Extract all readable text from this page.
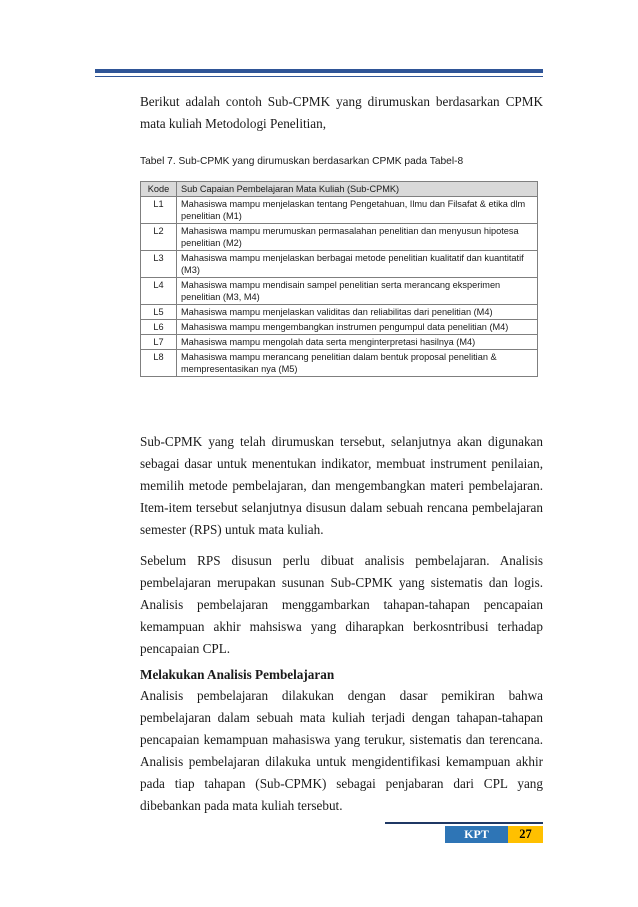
Berikut adalah contoh Sub-CPMK yang dirumuskan berdasarkan CPMK mata kuliah Metodologi Penelitian,

Tabel 7. Sub-CPMK yang dirumuskan berdasarkan CPMK pada Tabel-8

Kode	Sub Capaian Pembelajaran Mata Kuliah (Sub-CPMK)
L1	Mahasiswa mampu menjelaskan tentang Pengetahuan, Ilmu dan Filsafat & etika dlm penelitian (M1)
L2	Mahasiswa mampu merumuskan permasalahan penelitian dan menyusun hipotesa penelitian (M2)
L3	Mahasiswa mampu menjelaskan berbagai metode penelitian kualitatif dan kuantitatif (M3)
L4	Mahasiswa mampu mendisain sampel penelitian serta merancang eksperimen penelitian (M3, M4)
L5	Mahasiswa mampu menjelaskan validitas dan reliabilitas dari penelitian (M4)
L6	Mahasiswa mampu mengembangkan instrumen pengumpul data penelitian (M4)
L7	Mahasiswa mampu mengolah data serta menginterpretasi hasilnya (M4)
L8	Mahasiswa mampu merancang penelitian dalam bentuk proposal penelitian & mempresentasikan nya (M5)

Sub-CPMK yang telah dirumuskan tersebut, selanjutnya akan digunakan sebagai dasar untuk menentukan indikator, membuat instrument penilaian, memilih metode pembelajaran, dan mengembangkan materi pembelajaran. Item-item tersebut selanjutnya disusun dalam sebuah rencana pembelajaran semester (RPS) untuk mata kuliah.

Sebelum RPS disusun perlu dibuat analisis pembelajaran. Analisis pembelajaran merupakan susunan Sub-CPMK yang sistematis dan logis. Analisis pembelajaran menggambarkan tahapan-tahapan pencapaian kemampuan akhir mahsiswa yang diharapkan berkosntribusi terhadap pencapaian CPL.

Melakukan Analisis Pembelajaran

Analisis pembelajaran dilakukan dengan dasar pemikiran bahwa pembelajaran dalam sebuah mata kuliah terjadi dengan tahapan-tahapan pencapaian kemampuan mahasiswa yang terukur, sistematis dan terencana. Analisis pembelajaran dilakuka untuk mengidentifikasi kemampuan akhir pada tiap tahapan (Sub-CPMK) sebagai penjabaran dari CPL yang dibebankan pada mata kuliah tersebut.

KPT	27
